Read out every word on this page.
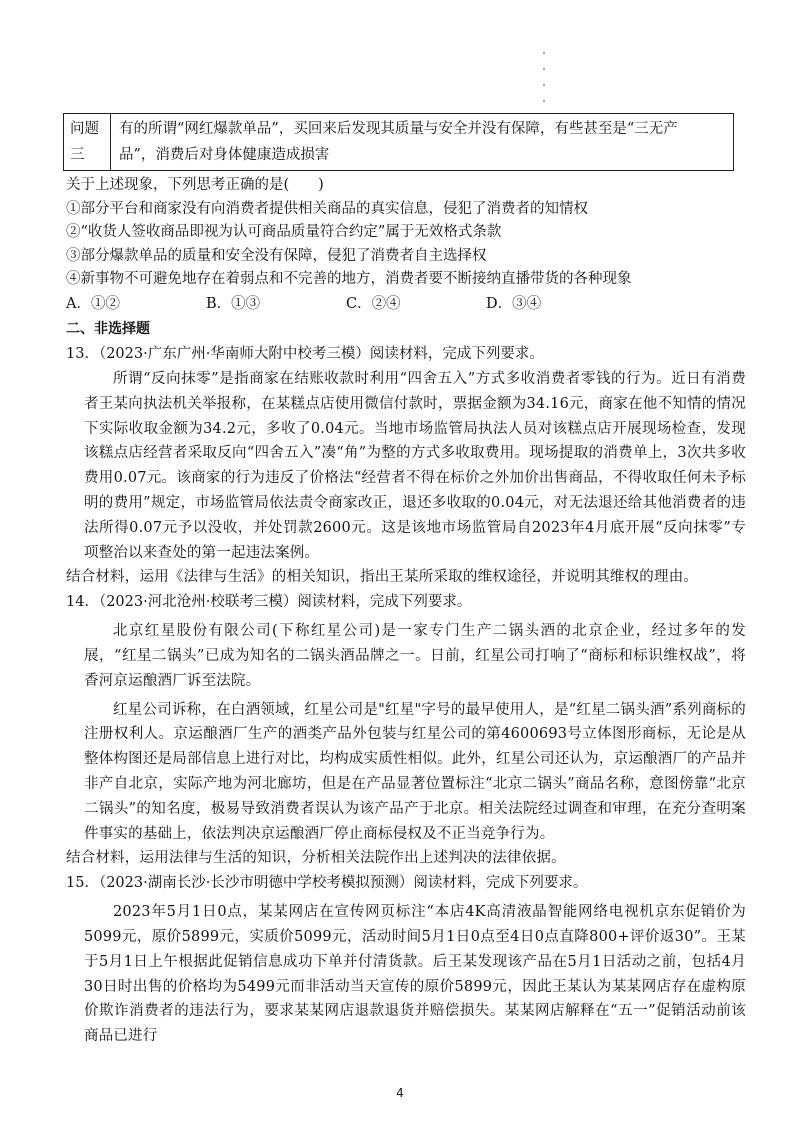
问题
三

有的所谓“网红爆款单品”，买回来后发现其质量与安全并没有保障，有些甚至是“三无产
品”，消费后对身体健康造成损害
关于上述现象，下列思考正确的是(　　)
①部分平台和商家没有向消费者提供相关商品的真实信息，侵犯了消费者的知情权
②“收货人签收商品即视为认可商品质量符合约定”属于无效格式条款
③部分爆款单品的质量和安全没有保障，侵犯了消费者自主选择权
④新事物不可避免地存在着弱点和不完善的地方，消费者要不断接纳直播带货的各种现象
A．①②	B．①③	C．②④	D．③④
二、非选择题
13．（2023·广东广州·华南师大附中校考三模）阅读材料，完成下列要求。
所谓“反向抹零”是指商家在结账收款时利用“四舍五入”方式多收消费者零钱的行为。近日有消费者王某向执法机关举报称，在某糕点店使用微信付款时，票据金额为34.16元，商家在他不知情的情况下实际收取金额为34.2元，多收了0.04元。当地市场监管局执法人员对该糕点店开展现场检查，发现该糕点店经营者采取反向“四舍五入”凑“角”为整的方式多收取费用。现场提取的消费单上，3次共多收费用0.07元。该商家的行为违反了价格法“经营者不得在标价之外加价出售商品，不得收取任何未予标明的费用”规定，市场监管局依法责令商家改正，退还多收取的0.04元，对无法退还给其他消费者的违法所得0.07元予以没收，并处罚款2600元。这是该地市场监管局自2023年4月底开展“反向抹零”专项整治以来查处的第一起违法案例。
结合材料，运用《法律与生活》的相关知识，指出王某所采取的维权途径，并说明其维权的理由。
14．（2023·河北沧州·校联考三模）阅读材料，完成下列要求。
北京红星股份有限公司(下称红星公司)是一家专门生产二锅头酒的北京企业，经过多年的发展，“红星二锅头”已成为知名的二锅头酒品牌之一。日前，红星公司打响了“商标和标识维权战”，将香河京运酿酒厂诉至法院。
红星公司诉称，在白酒领域，红星公司是"红星"字号的最早使用人，是“红星二锅头酒”系列商标的注册权利人。京运酿酒厂生产的酒类产品外包装与红星公司的第4600693号立体图形商标，无论是从整体构图还是局部信息上进行对比，均构成实质性相似。此外，红星公司还认为，京运酿酒厂的产品并非产自北京，实际产地为河北廊坊，但是在产品显著位置标注“北京二锅头”商品名称，意图傍靠“北京二锅头”的知名度，极易导致消费者误认为该产品产于北京。相关法院经过调查和审理，在充分查明案件事实的基础上，依法判决京运酿酒厂停止商标侵权及不正当竞争行为。
结合材料，运用法律与生活的知识，分析相关法院作出上述判决的法律依据。
15．（2023·湖南长沙·长沙市明德中学校考模拟预测）阅读材料，完成下列要求。
2023年5月1日0点，某某网店在宣传网页标注“本店4K高清液晶智能网络电视机京东促销价为5099元，原价5899元，实质价5099元，活动时间5月1日0点至4日0点直降800+评价返30”。王某于5月1日上午根据此促销信息成功下单并付清货款。后王某发现该产品在5月1日活动之前，包括4月30日时出售的价格均为5499元而非活动当天宣传的原价5899元，因此王某认为某某网店存在虚构原价欺诈消费者的违法行为，要求某某网店退款退货并赔偿损失。某某网店解释在“五一”促销活动前该商品已进行
4
